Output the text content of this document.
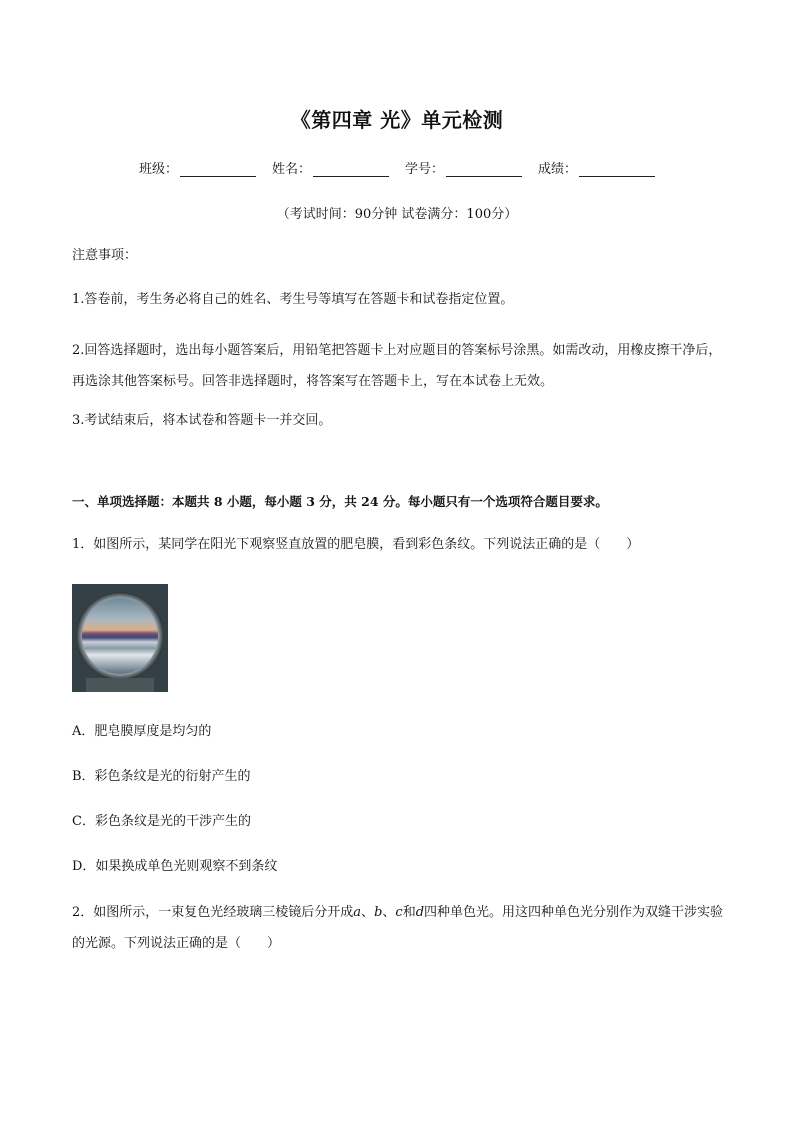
《第四章 光》单元检测
班级：	姓名：	学号：	成绩：
（考试时间：90分钟 试卷满分：100分）
注意事项：
1.答卷前，考生务必将自己的姓名、考生号等填写在答题卡和试卷指定位置。
2.回答选择题时，选出每小题答案后，用铅笔把答题卡上对应题目的答案标号涂黑。如需改动，用橡皮擦干净后，再选涂其他答案标号。回答非选择题时，将答案写在答题卡上，写在本试卷上无效。
3.考试结束后，将本试卷和答题卡一并交回。
一、单项选择题：本题共 8 小题，每小题 3 分，共 24 分。每小题只有一个选项符合题目要求。
1．如图所示，某同学在阳光下观察竖直放置的肥皂膜，看到彩色条纹。下列说法正确的是（　　）
A．肥皂膜厚度是均匀的
B．彩色条纹是光的衍射产生的
C．彩色条纹是光的干涉产生的
D．如果换成单色光则观察不到条纹
2．如图所示，一束复色光经玻璃三棱镜后分开成a、b、c和d四种单色光。用这四种单色光分别作为双缝干涉实验的光源。下列说法正确的是（　　）
